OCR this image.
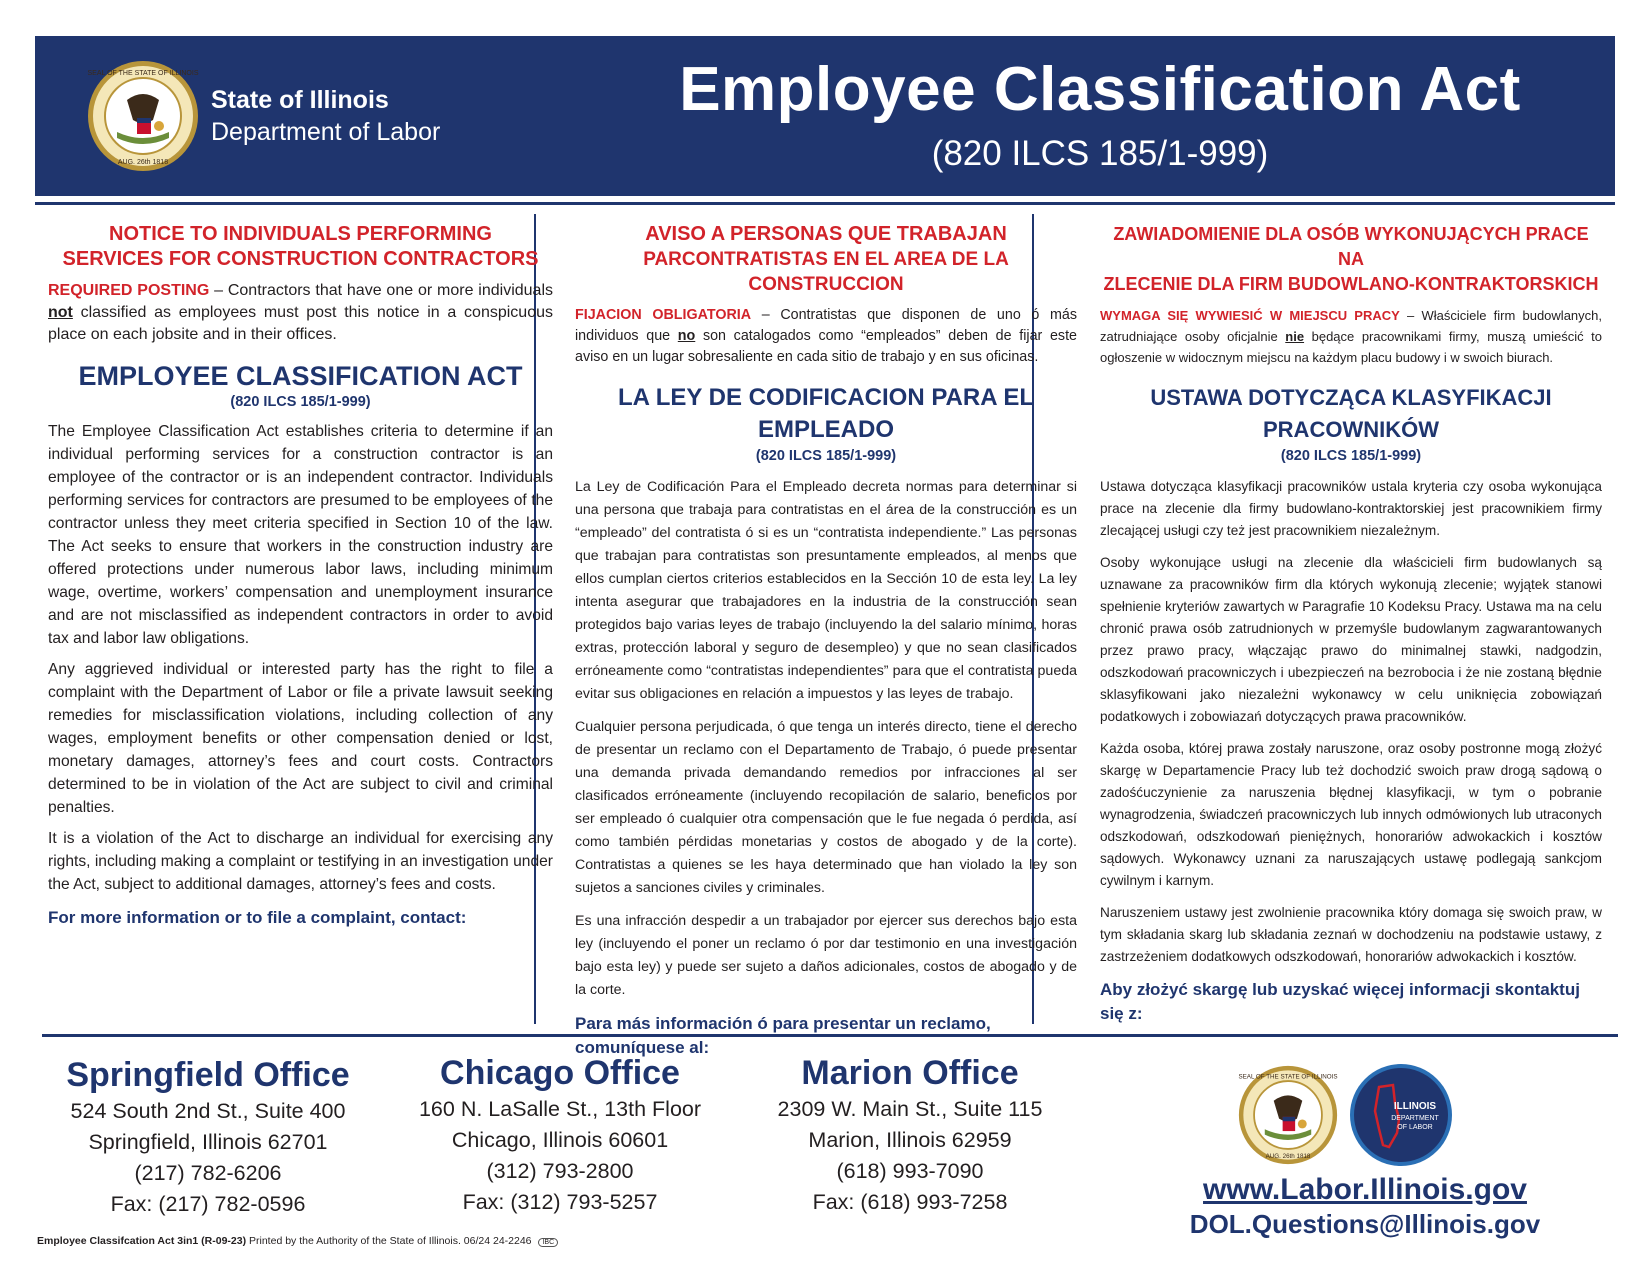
SEAL OF THE STATE OF ILLINOIS
AUG. 26th 1818
State of Illinois
Department of Labor
Employee Classification Act
(820 ILCS 185/1-999)
NOTICE TO INDIVIDUALS PERFORMING
SERVICES FOR CONSTRUCTION CONTRACTORS
REQUIRED POSTING – Contractors that have one or more individuals not classified as employees must post this notice in a conspicuous place on each jobsite and in their offices.
EMPLOYEE CLASSIFICATION ACT
(820 ILCS 185/1-999)
The Employee Classification Act establishes criteria to determine if an individual performing services for a construction contractor is an employee of the contractor or is an independent contractor. Individuals performing services for contractors are presumed to be employees of the contractor unless they meet criteria specified in Section 10 of the law. The Act seeks to ensure that workers in the construction industry are offered protections under numerous labor laws, including minimum wage, overtime, workers’ compensation and unemployment insurance and are not misclassified as independent contractors in order to avoid tax and labor law obligations.
Any aggrieved individual or interested party has the right to file a complaint with the Department of Labor or file a private lawsuit seeking remedies for misclassification violations, including collection of any wages, employment benefits or other compensation denied or lost, monetary damages, attorney’s fees and court costs. Contractors determined to be in violation of the Act are subject to civil and criminal penalties.
It is a violation of the Act to discharge an individual for exercising any rights, including making a complaint or testifying in an investigation under the Act, subject to additional damages, attorney’s fees and costs.
For more information or to file a complaint, contact:
AVISO A PERSONAS QUE TRABAJAN
PARCONTRATISTAS EN EL AREA DE LA CONSTRUCCION
FIJACION OBLIGATORIA – Contratistas que disponen de uno ó más individuos que no son catalogados como “empleados” deben de fijar este aviso en un lugar sobresaliente en cada sitio de trabajo y en sus oficinas.
LA LEY DE CODIFICACION PARA EL EMPLEADO
(820 ILCS 185/1-999)
La Ley de Codificación Para el Empleado decreta normas para determinar si una persona que trabaja para contratistas en el área de la construcción es un “empleado” del contratista ó si es un “contratista independiente.” Las personas que trabajan para contratistas son presuntamente empleados, al menos que ellos cumplan ciertos criterios establecidos en la Sección 10 de esta ley. La ley intenta asegurar que trabajadores en la industria de la construcción sean protegidos bajo varias leyes de trabajo (incluyendo la del salario mínimo, horas extras, protección laboral y seguro de desempleo) y que no sean clasificados erróneamente como “contratistas independientes” para que el contratista pueda evitar sus obligaciones en relación a impuestos y las leyes de trabajo.
Cualquier persona perjudicada, ó que tenga un interés directo, tiene el derecho de presentar un reclamo con el Departamento de Trabajo, ó puede presentar una demanda privada demandando remedios por infracciones al ser clasificados erróneamente (incluyendo recopilación de salario, beneficios por ser empleado ó cualquier otra compensación que le fue negada ó perdida, así como también pérdidas monetarias y costos de abogado y de la corte). Contratistas a quienes se les haya determinado que han violado la ley son sujetos a sanciones civiles y criminales.
Es una infracción despedir a un trabajador por ejercer sus derechos bajo esta ley (incluyendo el poner un reclamo ó por dar testimonio en una investigación bajo esta ley) y puede ser sujeto a daños adicionales, costos de abogado y de la corte.
Para más información ó para presentar un reclamo, comuníquese al:
ZAWIADOMIENIE DLA OSÓB WYKONUJĄCYCH PRACE NA
ZLECENIE DLA FIRM BUDOWLANO-KONTRAKTORSKICH
WYMAGA SIĘ WYWIESIĆ W MIEJSCU PRACY – Właściciele firm budowlanych, zatrudniające osoby oficjalnie nie będące pracownikami firmy, muszą umieścić to ogłoszenie w widocznym miejscu na każdym placu budowy i w swoich biurach.
USTAWA DOTYCZĄCA KLASYFIKACJI PRACOWNIKÓW
(820 ILCS 185/1-999)
Ustawa dotycząca klasyfikacji pracowników ustala kryteria czy osoba wykonująca prace na zlecenie dla firmy budowlano-kontraktorskiej jest pracownikiem firmy zlecającej usługi czy też jest pracownikiem niezależnym.
Osoby wykonujące usługi na zlecenie dla właścicieli firm budowlanych są uznawane za pracowników firm dla których wykonują zlecenie; wyjątek stanowi spełnienie kryteriów zawartych w Paragrafie 10 Kodeksu Pracy. Ustawa ma na celu chronić prawa osób zatrudnionych w przemyśle budowlanym zagwarantowanych przez prawo pracy, włączając prawo do minimalnej stawki, nadgodzin, odszkodowań pracowniczych i ubezpieczeń na bezrobocia i że nie zostaną błędnie sklasyfikowani jako niezależni wykonawcy w celu uniknięcia zobowiązań podatkowych i zobowiazań dotyczących prawa pracowników.
Każda osoba, której prawa zostały naruszone, oraz osoby postronne mogą złożyć skargę w Departamencie Pracy lub też dochodzić swoich praw drogą sądową o zadośćuczynienie za naruszenia błędnej klasyfikacji, w tym o pobranie wynagrodzenia, świadczeń pracowniczych lub innych odmówionych lub utraconych odszkodowań, odszkodowań pieniężnych, honorariów adwokackich i kosztów sądowych. Wykonawcy uznani za naruszających ustawę podlegają sankcjom cywilnym i karnym.
Naruszeniem ustawy jest zwolnienie pracownika który domaga się swoich praw, w tym składania skarg lub składania zeznań w dochodzeniu na podstawie ustawy, z zastrzeżeniem dodatkowych odszkodowań, honorariów adwokackich i kosztów.
Aby złożyć skargę lub uzyskać więcej informacji skontaktuj się z:
Springfield Office
524 South 2nd St., Suite 400
Springfield, Illinois 62701
(217) 782-6206
Fax: (217) 782-0596
Chicago Office
160 N. LaSalle St., 13th Floor
Chicago, Illinois 60601
(312) 793-2800
Fax: (312) 793-5257
Marion Office
2309 W. Main St., Suite 115
Marion, Illinois 62959
(618) 993-7090
Fax: (618) 993-7258
SEAL OF THE STATE OF ILLINOIS
AUG. 26th 1818
ILLINOIS
DEPARTMENT
OF LABOR
www.Labor.Illinois.gov
DOL.Questions@Illinois.gov
Employee Classifcation Act 3in1 (R-09-23) Printed by the Authority of the State of Illinois. 06/24 24-2246 IBC
